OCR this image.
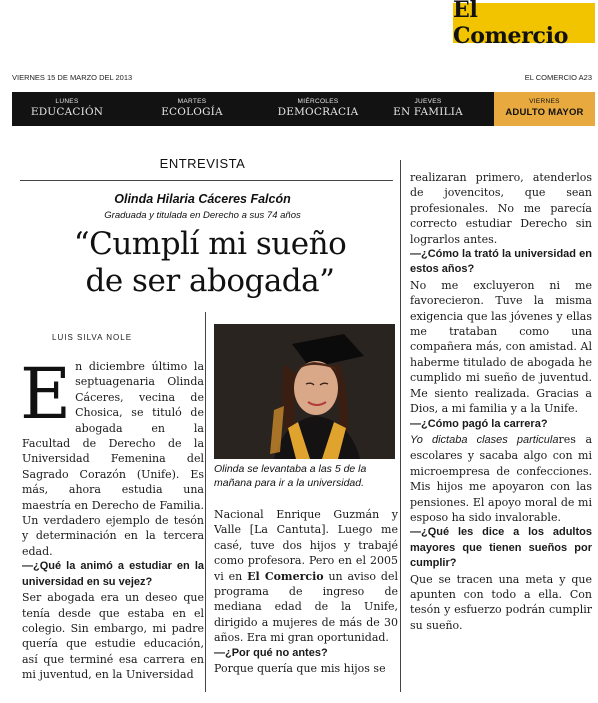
El Comercio
VIERNES 15 DE MARZO DEL 2013	EL COMERCIO A23
LUNES
EDUCACIÓN
MARTES
ECOLOGÍA
MIÉRCOLES
DEMOCRACIA
JUEVES
EN FAMILIA
VIERNES
ADULTO MAYOR
ENTREVISTA
Olinda Hilaria Cáceres Falcón
Graduada y titulada en Derecho a sus 74 años
“Cumplí mi sueño
de ser abogada”
LUIS SILVA NOLE
E n diciembre último la septuagenaria Olinda Cáceres, vecina de Chosica, se tituló de abogada en la Facultad de Derecho de la Universidad Femenina del Sagrado Corazón (Unife). Es más, ahora estudia una maestría en Derecho de Familia. Un verdadero ejemplo de tesón y determinación en la tercera edad.

—¿Qué la animó a estudiar en la universidad en su vejez?

Ser abogada era un deseo que tenía desde que estaba en el colegio. Sin embargo, mi padre quería que estudie educación, así que terminé esa carrera en mi juventud, en la Universidad

Olinda se levantaba a las 5 de la mañana para ir a la universidad.

Nacional Enrique Guzmán y Valle [La Cantuta]. Luego me casé, tuve dos hijos y trabajé como profesora. Pero en el 2005 vi en El Comercio un aviso del programa de ingreso de mediana edad de la Unife, dirigido a mujeres de más de 30 años. Era mi gran oportunidad.

—¿Por qué no antes?

Porque quería que mis hijos se

realizaran primero, atenderlos de jovencitos, que sean profesionales. No me parecía correcto estudiar Derecho sin lograrlos antes.

—¿Cómo la trató la universidad en estos años?

No me excluyeron ni me favorecieron. Tuve la misma exigencia que las jóvenes y ellas me trataban como una compañera más, con amistad. Al haberme titulado de abogada he cumplido mi sueño de juventud. Me siento realizada. Gracias a Dios, a mi familia y a la Unife.

—¿Cómo pagó la carrera?

Yo dictaba clases particulares a escolares y sacaba algo con mi microempresa de confecciones. Mis hijos me apoyaron con las pensiones. El apoyo moral de mi esposo ha sido invalorable.

—¿Qué les dice a los adultos mayores que tienen sueños por cumplir?

Que se tracen una meta y que apunten con todo a ella. Con tesón y esfuerzo podrán cumplir su sueño.
